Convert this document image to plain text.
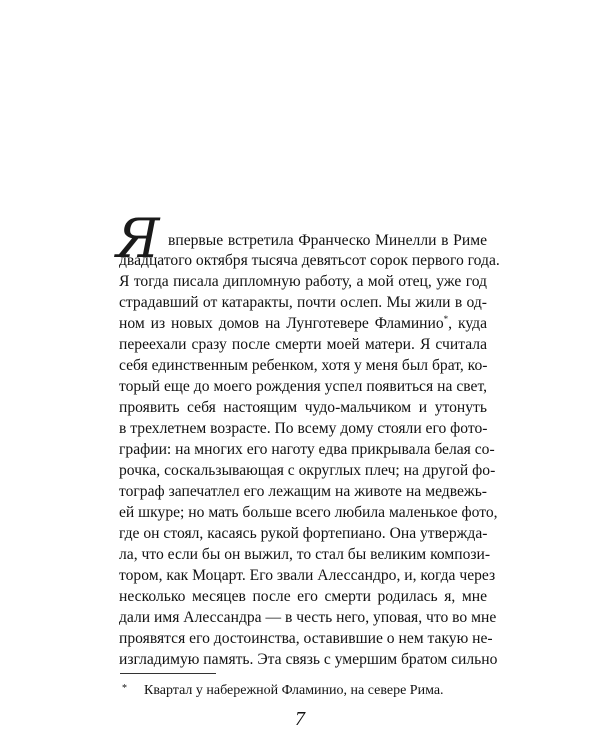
Я впервые встретила Франческо Минелли в Риме
двадцатого октября тысяча девятьсот сорок первого года.
Я тогда писала дипломную работу, а мой отец, уже год
страдавший от катаракты, почти ослеп. Мы жили в од-
ном из новых домов на Лунготевере Фламинио*, куда
переехали сразу после смерти моей матери. Я считала
себя единственным ребенком, хотя у меня был брат, ко-
торый еще до моего рождения успел появиться на свет,
проявить себя настоящим чудо-мальчиком и утонуть
в трехлетнем возрасте. По всему дому стояли его фото-
графии: на многих его наготу едва прикрывала белая со-
рочка, соскальзывающая с округлых плеч; на другой фо-
тограф запечатлел его лежащим на животе на медвежь-
ей шкуре; но мать больше всего любила маленькое фото,
где он стоял, касаясь рукой фортепиано. Она утвержда-
ла, что если бы он выжил, то стал бы великим компози-
тором, как Моцарт. Его звали Алессандро, и, когда через
несколько месяцев после его смерти родилась я, мне
дали имя Алессандра — в честь него, уповая, что во мне
проявятся его достоинства, оставившие о нем такую не-
изгладимую память. Эта связь с умершим братом сильно
* Квартал у набережной Фламинио, на севере Рима.
7
